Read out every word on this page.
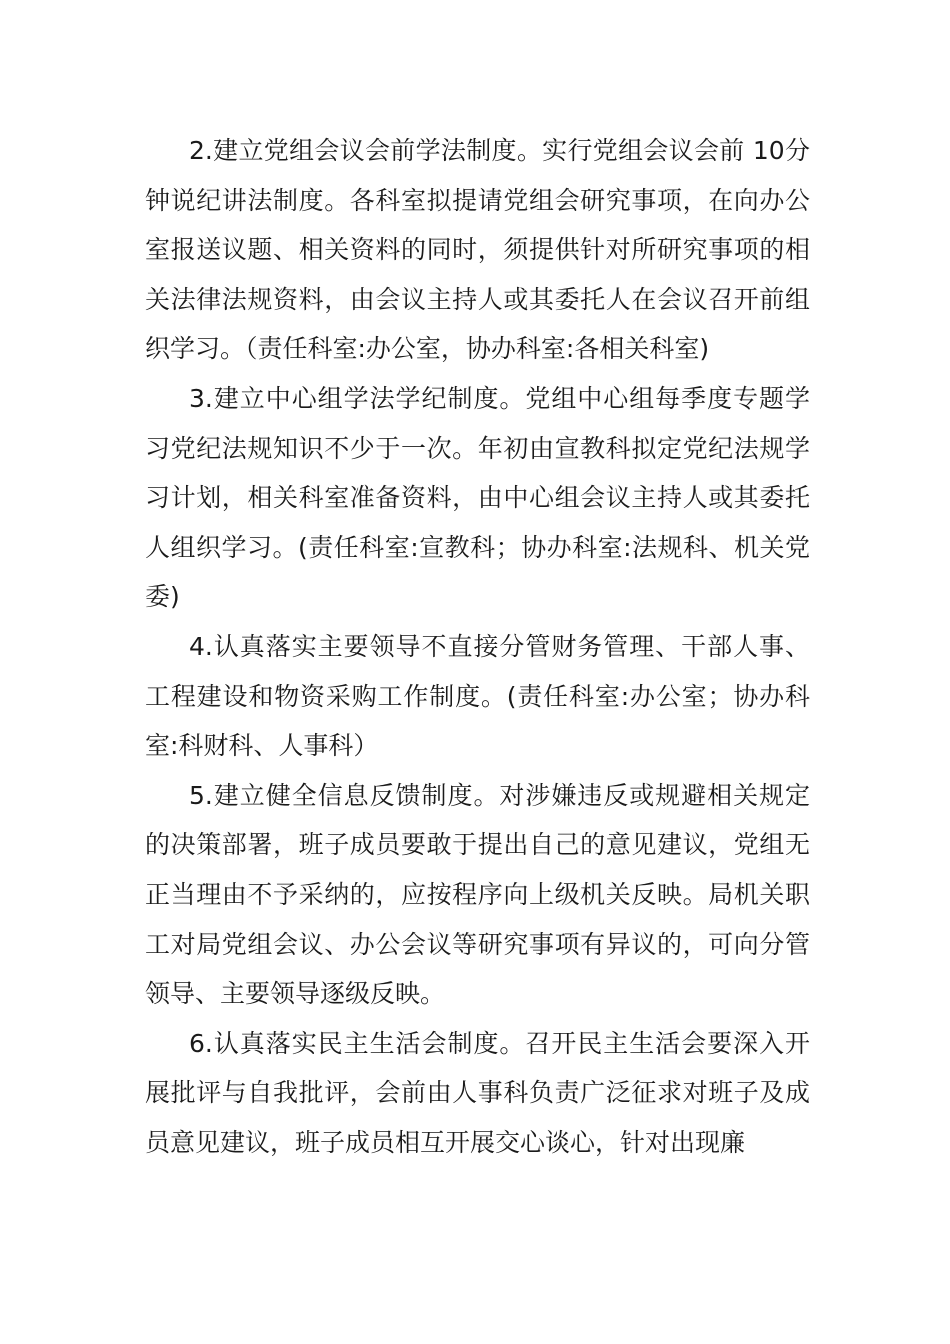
2.建立党组会议会前学法制度。实行党组会议会前 10分钟说纪讲法制度。各科室拟提请党组会研究事项，在向办公室报送议题、相关资料的同时，须提供针对所研究事项的相关法律法规资料，由会议主持人或其委托人在会议召开前组织学习。（责任科室:办公室，协办科室:各相关科室)

3.建立中心组学法学纪制度。党组中心组每季度专题学习党纪法规知识不少于一次。年初由宣教科拟定党纪法规学习计划，相关科室准备资料，由中心组会议主持人或其委托人组织学习。(责任科室:宣教科；协办科室:法规科、机关党委)

4.认真落实主要领导不直接分管财务管理、干部人事、工程建设和物资采购工作制度。(责任科室:办公室；协办科室:科财科、人事科）

5.建立健全信息反馈制度。对涉嫌违反或规避相关规定的决策部署，班子成员要敢于提出自己的意见建议，党组无正当理由不予采纳的，应按程序向上级机关反映。局机关职工对局党组会议、办公会议等研究事项有异议的，可向分管领导、主要领导逐级反映。

6.认真落实民主生活会制度。召开民主生活会要深入开展批评与自我批评，会前由人事科负责广泛征求对班子及成员意见建议，班子成员相互开展交心谈心，针对出现廉
